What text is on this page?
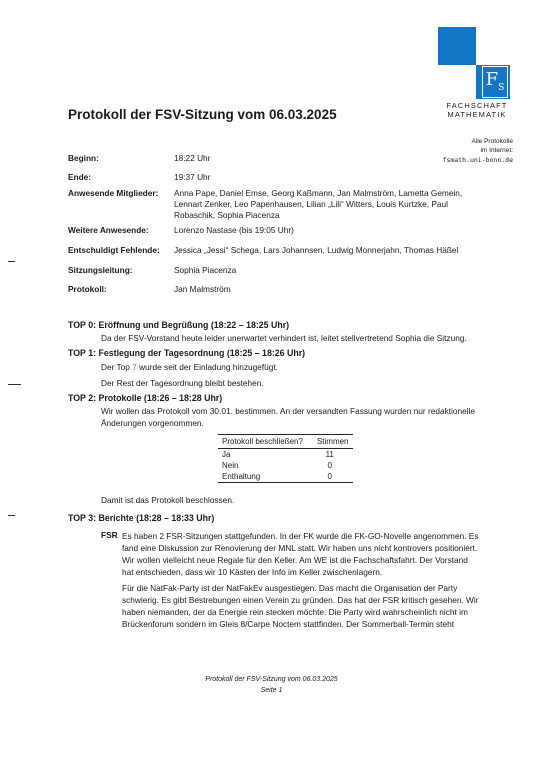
$F_S$
FACHSCHAFT
MATHEMATIK
Protokoll der FSV-Sitzung vom 06.03.2025
Alle Protokolle
im Internet:
fsmath.uni-bonn.de
Beginn:	18:22 Uhr
Ende:	19:37 Uhr
Anwesende Mitglieder: Anna Pape, Daniel Emse, Georg Kaßmann, Jan Malmström, Lametta Gemein, Lennart Zenker, Leo Papenhausen, Lilian „Lili“ Witters, Louis Kurtzke, Paul Robaschik, Sophia Piacenza
Weitere Anwesende:	Lorenzo Nastase (bis 19:05 Uhr)
Entschuldigt Fehlende: Jessica „Jessi“ Schega, Lars Johannsen, Ludwig Monnerjahn, Thomas Häßel
Sitzungsleitung:	Sophia Piacenza
Protokoll:	Jan Malmström
TOP 0: Eröffnung und Begrüßung (18:22 – 18:25 Uhr)
Da der FSV-Vorstand heute leider unerwartet verhindert ist, leitet stellvertretend Sophia die Sitzung.
TOP 1: Festlegung der Tagesordnung (18:25 – 18:26 Uhr)
Der Top 7 wurde seit der Einladung hinzugefügt.
Der Rest der Tagesordnung bleibt bestehen.
TOP 2: Protokolle (18:26 – 18:28 Uhr)
Wir wollen das Protokoll vom 30.01. bestimmen. An der versandten Fassung wurden nur redaktionelle Änderungen vorgenommen.
Protokoll beschließen?	Stimmen
Ja	11
Nein	0
Enthaltung	0
Damit ist das Protokoll beschlossen.
TOP 3: Berichte (18:28 – 18:33 Uhr)
FSR Es haben 2 FSR-Sitzungen stattgefunden. In der FK wurde die FK-GO-Novelle angenommen. Es fand eine Diskussion zur Renovierung der MNL statt. Wir haben uns nicht kontrovers positioniert. Wir wollen vielleicht neue Regale für den Keller. Am WE ist die Fachschaftsfahrt. Der Vorstand hat entschieden, dass wir 10 Kästen der Info im Keller zwischenlagern.
Für die NatFak-Party ist der NatFakEv ausgestiegen. Das macht die Organisation der Party schwierig. Es gibt Bestrebungen einen Verein zu gründen. Das hat der FSR kritisch gesehen. Wir haben niemanden, der da Energie rein stecken möchte. Die Party wird wahrscheinlich nicht im Brückenforum sondern im Gleis 8/Carpe Noctem stattfinden. Der Sommerball-Termin steht
Protokoll der FSV-Sitzung vom 06.03.2025
Seite 1
